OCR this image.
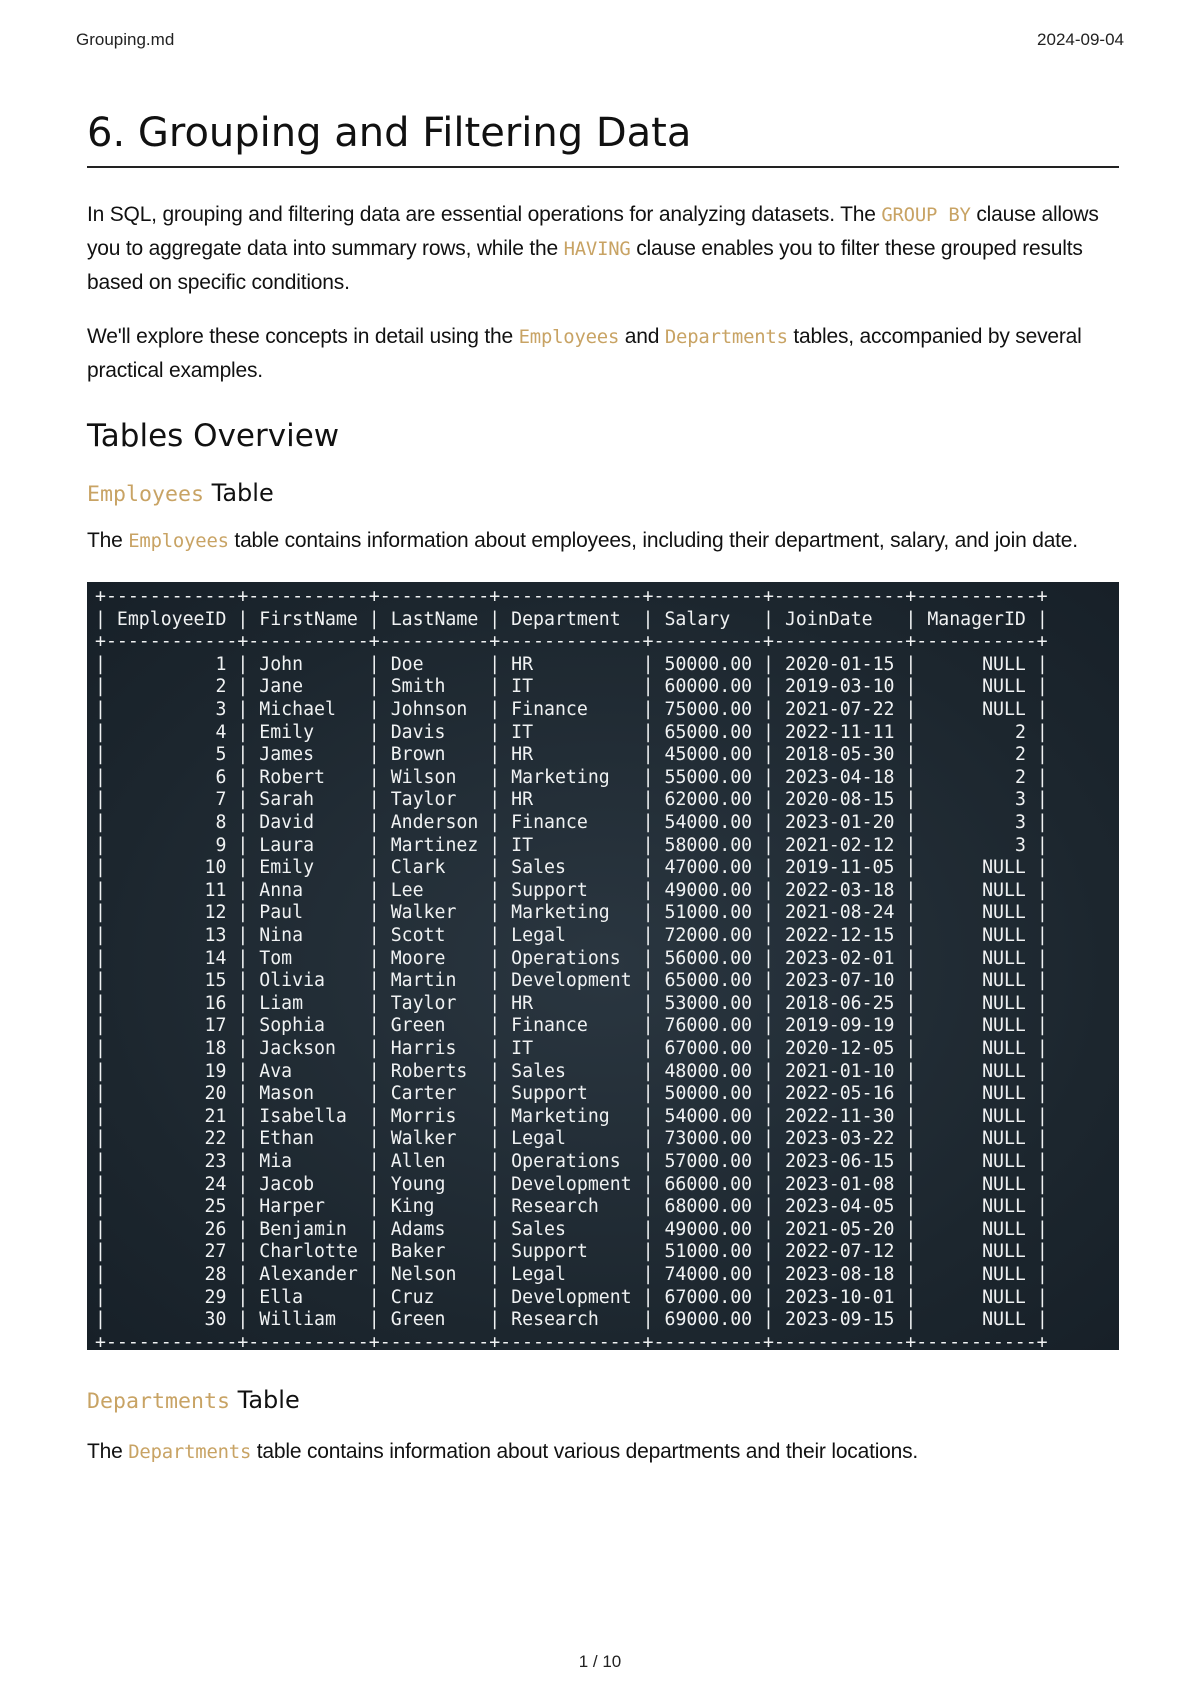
Grouping.md	2024-09-04
6. Grouping and Filtering Data

In SQL, grouping and filtering data are essential operations for analyzing datasets. The GROUP BY clause allows you to aggregate data into summary rows, while the HAVING clause enables you to filter these grouped results based on specific conditions.

We'll explore these concepts in detail using the Employees and Departments tables, accompanied by several practical examples.

Tables Overview
Employees Table

The Employees table contains information about employees, including their department, salary, and join date.

+------------+-----------+----------+-------------+----------+------------+-----------+
| EmployeeID | FirstName | LastName | Department  | Salary   | JoinDate   | ManagerID |
+------------+-----------+----------+-------------+----------+------------+-----------+
|	1 | John	| Doe	| HR	| 50000.00 | 2020-01-15 |	NULL |
|	2 | Jane	| Smith    | IT	| 60000.00 | 2019-03-10 |	NULL |
|	3 | Michael   | Johnson  | Finance     | 75000.00 | 2021-07-22 |	NULL |
|	4 | Emily     | Davis    | IT	| 65000.00 | 2022-11-11 |	2 |
|	5 | James     | Brown    | HR	| 45000.00 | 2018-05-30 |	2 |
|	6 | Robert    | Wilson   | Marketing   | 55000.00 | 2023-04-18 |	2 |
|	7 | Sarah     | Taylor   | HR	| 62000.00 | 2020-08-15 |	3 |
|	8 | David     | Anderson | Finance     | 54000.00 | 2023-01-20 |	3 |
|	9 | Laura     | Martinez | IT	| 58000.00 | 2021-02-12 |	3 |
|	10 | Emily     | Clark    | Sales	| 47000.00 | 2019-11-05 |	NULL |
|	11 | Anna	| Lee	| Support     | 49000.00 | 2022-03-18 |	NULL |
|	12 | Paul	| Walker   | Marketing   | 51000.00 | 2021-08-24 |	NULL |
|	13 | Nina	| Scott    | Legal	| 72000.00 | 2022-12-15 |	NULL |
|	14 | Tom	| Moore    | Operations  | 56000.00 | 2023-02-01 |	NULL |
|	15 | Olivia    | Martin   | Development | 65000.00 | 2023-07-10 |	NULL |
|	16 | Liam	| Taylor   | HR	| 53000.00 | 2018-06-25 |	NULL |
|	17 | Sophia    | Green    | Finance     | 76000.00 | 2019-09-19 |	NULL |
|	18 | Jackson   | Harris   | IT	| 67000.00 | 2020-12-05 |	NULL |
|	19 | Ava	| Roberts  | Sales	| 48000.00 | 2021-01-10 |	NULL |
|	20 | Mason     | Carter   | Support     | 50000.00 | 2022-05-16 |	NULL |
|	21 | Isabella  | Morris   | Marketing   | 54000.00 | 2022-11-30 |	NULL |
|	22 | Ethan     | Walker   | Legal	| 73000.00 | 2023-03-22 |	NULL |
|	23 | Mia	| Allen    | Operations  | 57000.00 | 2023-06-15 |	NULL |
|	24 | Jacob     | Young    | Development | 66000.00 | 2023-01-08 |	NULL |
|	25 | Harper    | King     | Research    | 68000.00 | 2023-04-05 |	NULL |
|	26 | Benjamin  | Adams    | Sales	| 49000.00 | 2021-05-20 |	NULL |
|	27 | Charlotte | Baker    | Support     | 51000.00 | 2022-07-12 |	NULL |
|	28 | Alexander | Nelson   | Legal	| 74000.00 | 2023-08-18 |	NULL |
|	29 | Ella	| Cruz     | Development | 67000.00 | 2023-10-01 |	NULL |
|	30 | William   | Green    | Research    | 69000.00 | 2023-09-15 |	NULL |
+------------+-----------+----------+-------------+----------+------------+-----------+
Departments Table

The Departments table contains information about various departments and their locations.

1 / 10
